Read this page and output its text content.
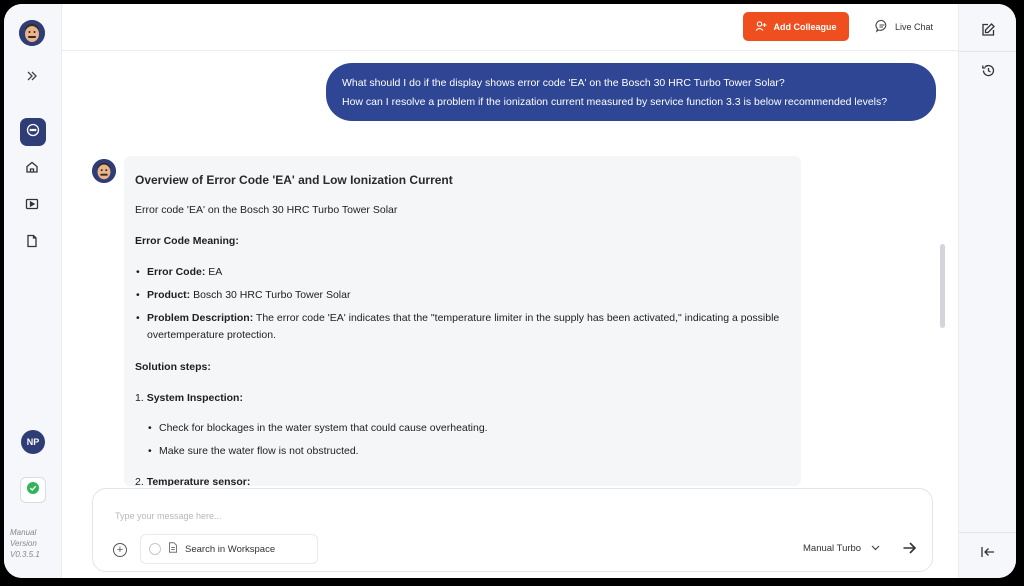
NP
Manual
Version
V0.3.5.1
Add Colleague	Live Chat
What should I do if the display shows error code 'EA' on the Bosch 30 HRC Turbo Tower Solar?
How can I resolve a problem if the ionization current measured by service function 3.3 is below recommended levels?
Overview of Error Code 'EA' and Low Ionization Current

Error code 'EA' on the Bosch 30 HRC Turbo Tower Solar

Error Code Meaning:

• Error Code: EA
• Product: Bosch 30 HRC Turbo Tower Solar
• Problem Description: The error code 'EA' indicates that the "temperature limiter in the supply has been activated," indicating a possible overtemperature protection.

Solution steps:

1. System Inspection:
• Check for blockages in the water system that could cause overheating.
• Make sure the water flow is not obstructed.
2. Temperature sensor:
Type your message here...
+	Search in Workspace	Manual Turbo
